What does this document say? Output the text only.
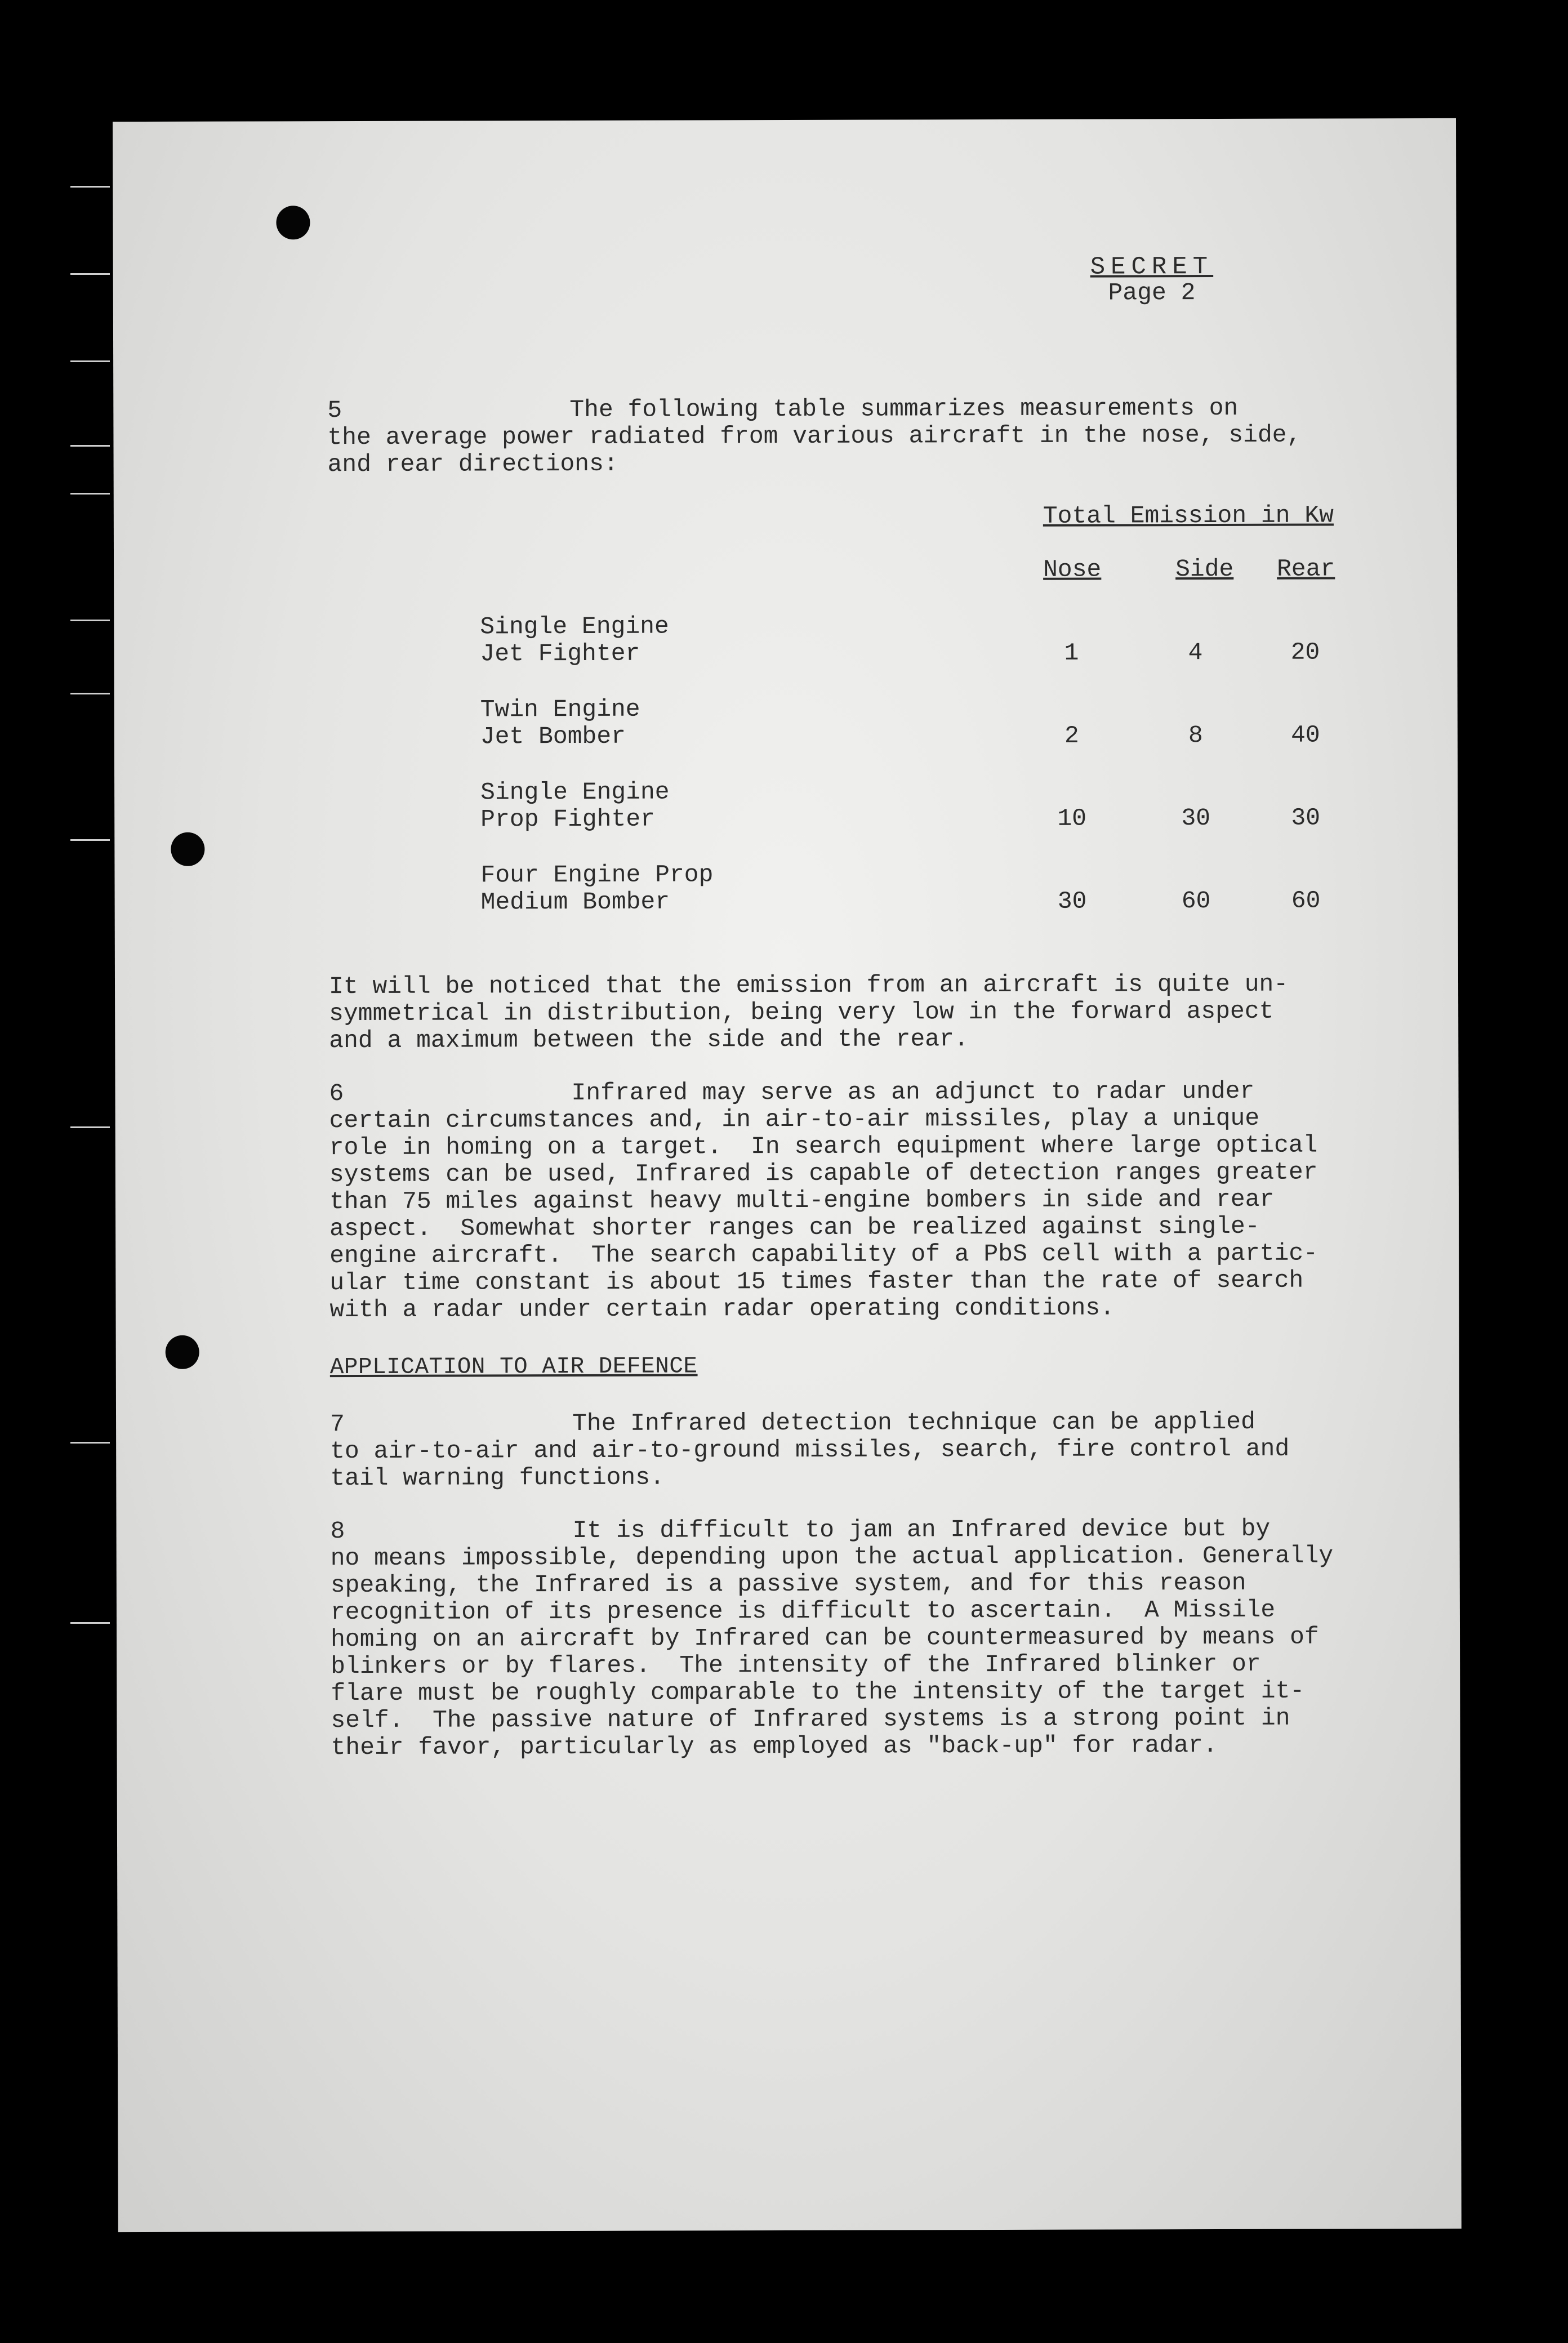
SECRET
Page 2
5	The following table summarizes measurements on
the average power radiated from various aircraft in the nose, side,
and rear directions:
Total Emission in Kw
Nose	Side Rear
Single Engine
Jet Fighter	1	4	20
Twin Engine
Jet Bomber	2	8	40
Single Engine
Prop Fighter	10	30	30
Four Engine Prop
Medium Bomber	30	60	60
It will be noticed that the emission from an aircraft is quite un-
symmetrical in distribution, being very low in the forward aspect
and a maximum between the side and the rear.
6	Infrared may serve as an adjunct to radar under
certain circumstances and, in air-to-air missiles, play a unique
role in homing on a target.  In search equipment where large optical
systems can be used, Infrared is capable of detection ranges greater
than 75 miles against heavy multi-engine bombers in side and rear
aspect.  Somewhat shorter ranges can be realized against single-
engine aircraft.  The search capability of a PbS cell with a partic-
ular time constant is about 15 times faster than the rate of search
with a radar under certain radar operating conditions.
APPLICATION TO AIR DEFENCE
7	The Infrared detection technique can be applied
to air-to-air and air-to-ground missiles, search, fire control and
tail warning functions.
8	It is difficult to jam an Infrared device but by
no means impossible, depending upon the actual application. Generally
speaking, the Infrared is a passive system, and for this reason
recognition of its presence is difficult to ascertain.  A Missile
homing on an aircraft by Infrared can be countermeasured by means of
blinkers or by flares.  The intensity of the Infrared blinker or
flare must be roughly comparable to the intensity of the target it-
self.  The passive nature of Infrared systems is a strong point in
their favor, particularly as employed as "back-up" for radar.
